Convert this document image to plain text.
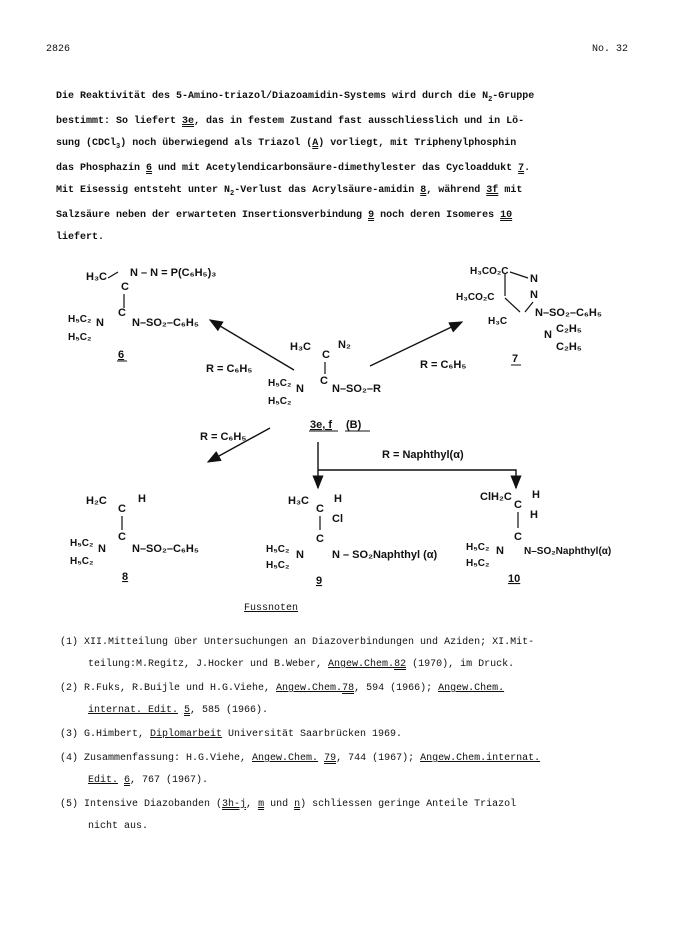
2826	No. 32
Die Reaktivität des 5-Amino-triazol/Diazoamidin-Systems wird durch die $N_2$-Gruppe
bestimmt: So liefert 3e, das in festem Zustand fast ausschliesslich und in Lö-
sung (CDCl$_3$) noch überwiegend als Triazol (A) vorliegt, mit Triphenylphosphin
das Phosphazin 6 und mit Acetylendicarbonsäure-dimethylester das Cycloaddukt 7.
Mit Eisessig entsteht unter $N_2$-Verlust das Acrylsäure-amidin 8, während 3f mit
Salzsäure neben der erwarteten Insertionsverbindung 9 noch deren Isomeres 10
liefert.
H₃C
C
N – N = P(C₆H₅)₃
H₅C₂ N
C
N–SO₂–C₆H₅
H₅C₂
6
H₃CO₂C
N
N
H₃CO₂C
N–SO₂–C₆H₅
H₃C
N C₂H₅
C₂H₅
7
H₃C
C
N₂
C
H₅C₂ N	N–SO₂–R
H₅C₂
3e, f (B)
R = C₆H₅	R = C₆H₅
R = C₆H₅
R = Naphthyl(α)
H₂C
C
H
C
H₅C₂ N N–SO₂–C₆H₅
H₅C₂
8
H₃C
C
H
Cl
C
H₅C₂ N	N – SO₂Naphthyl (α)
H₅C₂
9
ClH₂C
C
H
H
C
H₅C₂ N N–SO₂Naphthyl(α)
H₅C₂
10
Fussnoten
(1) XII.Mitteilung über Untersuchungen an Diazoverbindungen und Aziden; XI.Mit-
teilung:M.Regitz, J.Hocker und B.Weber, Angew.Chem.82 (1970), im Druck.
(2) R.Fuks, R.Buijle und H.G.Viehe, Angew.Chem.78, 594 (1966); Angew.Chem.
internat. Edit. 5, 585 (1966).
(3) G.Himbert, Diplomarbeit Universität Saarbrücken 1969.
(4) Zusammenfassung: H.G.Viehe, Angew.Chem. 79, 744 (1967); Angew.Chem.internat.
Edit. 6, 767 (1967).
(5) Intensive Diazobanden (3h-j, m und n) schliessen geringe Anteile Triazol
nicht aus.
